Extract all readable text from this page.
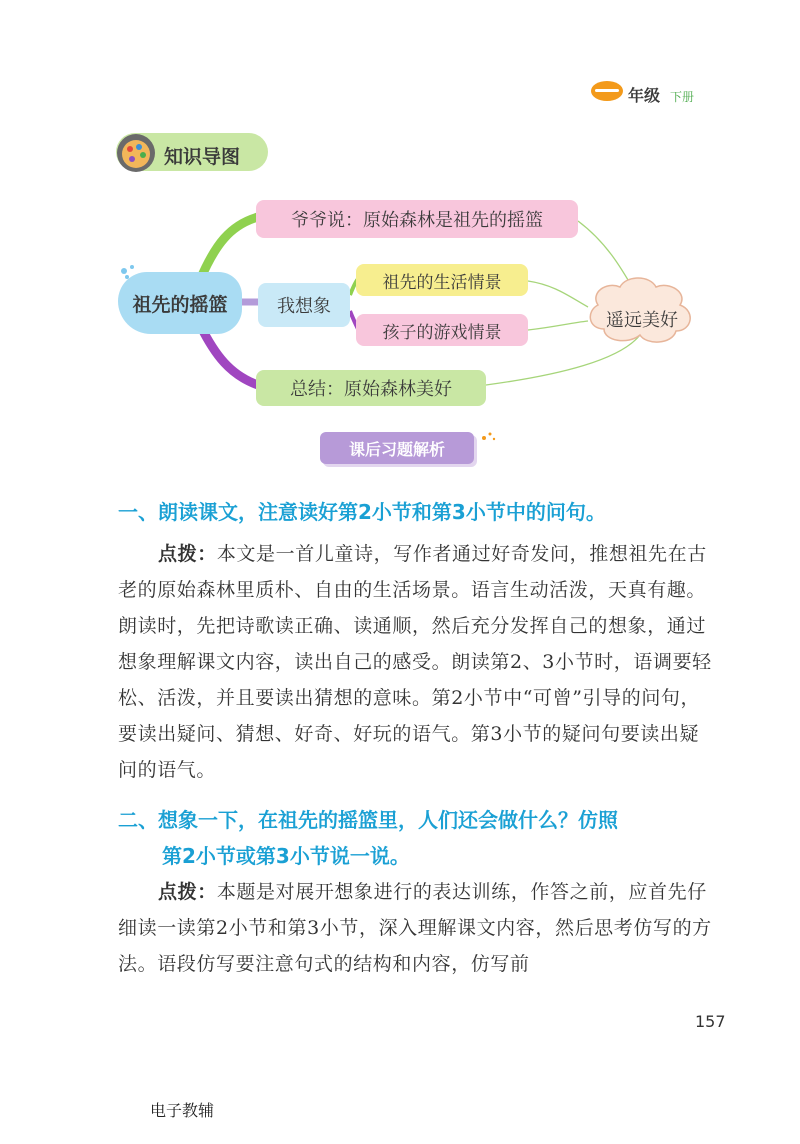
年级 下册
知识导图
祖先的摇篮
爷爷说：原始森林是祖先的摇篮
我想象
祖先的生活情景
孩子的游戏情景
总结：原始森林美好
遥远美好
课后习题解析
一、朗读课文，注意读好第2小节和第3小节中的问句。

点拨：本文是一首儿童诗，写作者通过好奇发问，推想祖先在古老的原始森林里质朴、自由的生活场景。语言生动活泼，天真有趣。朗读时，先把诗歌读正确、读通顺，然后充分发挥自己的想象，通过想象理解课文内容，读出自己的感受。朗读第2、3小节时，语调要轻松、活泼，并且要读出猜想的意味。第2小节中“可曾”引导的问句，要读出疑问、猜想、好奇、好玩的语气。第3小节的疑问句要读出疑问的语气。

二、想象一下，在祖先的摇篮里，人们还会做什么？仿照
第2小节或第3小节说一说。

点拨：本题是对展开想象进行的表达训练，作答之前，应首先仔细读一读第2小节和第3小节，深入理解课文内容，然后思考仿写的方法。语段仿写要注意句式的结构和内容，仿写前

157
电子教辅
